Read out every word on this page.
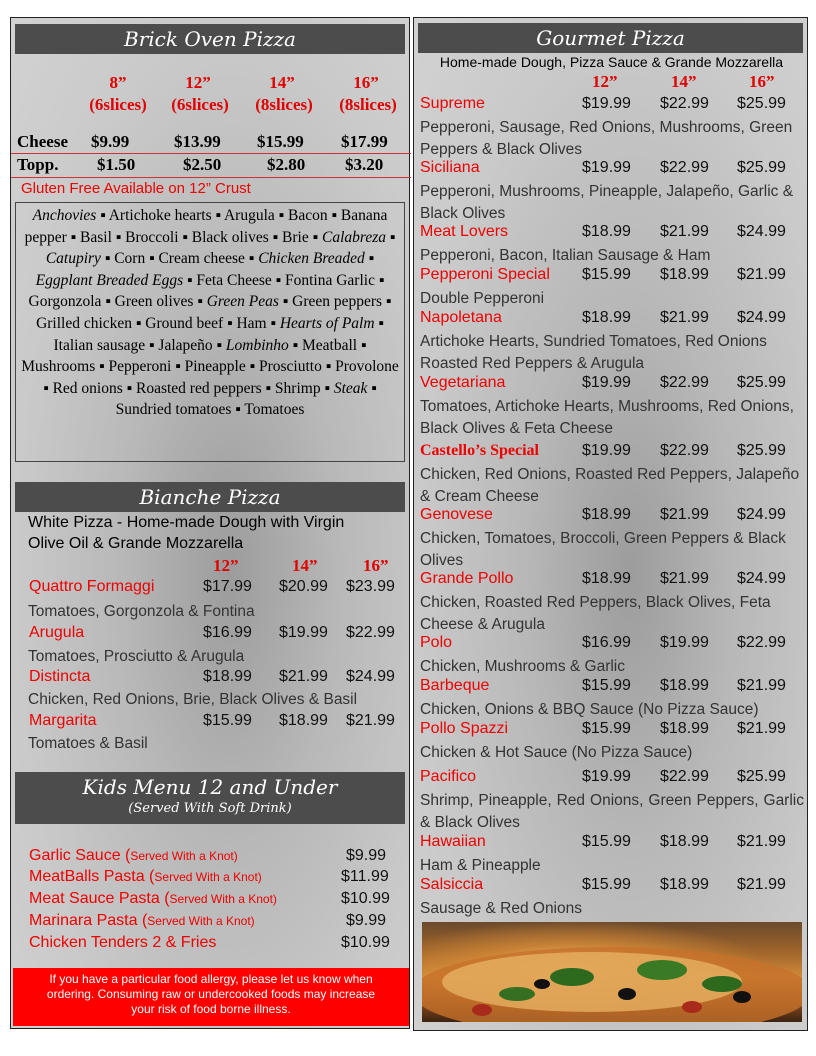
Brick Oven Pizza
8”	12”	14”	16”
(6slices)	(6slices)	(8slices)	(8slices)
Cheese $9.99	$13.99 $15.99 $17.99
Topp. $1.50	$2.50	$2.80 $3.20
Gluten Free Available on 12” Crust
Anchovies ▪ Artichoke hearts ▪ Arugula ▪ Bacon ▪ Banana pepper ▪ Basil ▪ Broccoli ▪ Black olives ▪ Brie ▪ Calabreza ▪ Catupiry ▪ Corn ▪ Cream cheese ▪ Chicken Breaded ▪ Eggplant Breaded Eggs ▪ Feta Cheese ▪ Fontina Garlic ▪ Gorgonzola ▪ Green olives ▪ Green Peas ▪ Green peppers ▪ Grilled chicken ▪ Ground beef ▪ Ham ▪ Hearts of Palm ▪ Italian sausage ▪ Jalapeño ▪ Lombinho ▪ Meatball ▪ Mushrooms ▪ Pepperoni ▪ Pineapple ▪ Prosciutto ▪ Provolone ▪ Red onions ▪ Roasted red peppers ▪ Shrimp ▪ Steak ▪ Sundried tomatoes ▪ Tomatoes
Bianche Pizza
White Pizza - Home-made Dough with Virgin
Olive Oil & Grande Mozzarella
12”	14”	16”
Quattro Formaggi	$17.99 $20.99 $23.99
Tomatoes, Gorgonzola & Fontina
Arugula	$16.99 $19.99 $22.99
Tomatoes, Prosciutto & Arugula
Distincta	$18.99 $21.99 $24.99
Chicken, Red Onions, Brie, Black Olives & Basil
Margarita	$15.99 $18.99 $21.99
Tomatoes & Basil
Kids Menu 12 and Under
(Served With Soft Drink)
Garlic Sauce (Served With a Knot)	$9.99
MeatBalls Pasta (Served With a Knot)	$11.99
Meat Sauce Pasta (Served With a Knot)	$10.99
Marinara Pasta (Served With a Knot)	$9.99
Chicken Tenders 2 & Fries	$10.99
If you have a particular food allergy, please let us know when
ordering. Consuming raw or undercooked foods may increase
your risk of food borne illness.
Gourmet Pizza
Home-made Dough, Pizza Sauce & Grande Mozzarella
12”	14”	16”
Supreme	$19.99 $22.99 $25.99
Pepperoni, Sausage, Red Onions, Mushrooms, Green Peppers & Black Olives
Siciliana	$19.99 $22.99 $25.99
Pepperoni, Mushrooms, Pineapple, Jalapeño, Garlic & Black Olives
Meat Lovers	$18.99 $21.99 $24.99
Pepperoni, Bacon, Italian Sausage & Ham
Pepperoni Special $15.99 $18.99 $21.99
Double Pepperoni
Napoletana	$18.99 $21.99 $24.99
Artichoke Hearts, Sundried Tomatoes, Red Onions Roasted Red Peppers & Arugula
Vegetariana	$19.99 $22.99 $25.99
Tomatoes, Artichoke Hearts, Mushrooms, Red Onions, Black Olives & Feta Cheese
Castello’s Special	$19.99 $22.99 $25.99
Chicken, Red Onions, Roasted Red Peppers, Jalapeño & Cream Cheese
Genovese	$18.99 $21.99 $24.99
Chicken, Tomatoes, Broccoli, Green Peppers & Black Olives
Grande Pollo	$18.99 $21.99 $24.99
Chicken, Roasted Red Peppers, Black Olives, Feta Cheese & Arugula
Polo	$16.99 $19.99 $22.99
Chicken, Mushrooms & Garlic
Barbeque	$15.99 $18.99 $21.99
Chicken, Onions & BBQ Sauce (No Pizza Sauce)
Pollo Spazzi	$15.99 $18.99 $21.99
Chicken & Hot Sauce (No Pizza Sauce)
Pacifico	$19.99 $22.99 $25.99
Shrimp, Pineapple, Red Onions, Green Peppers, Garlic & Black Olives
Hawaiian	$15.99 $18.99 $21.99
Ham & Pineapple
Salsiccia	$15.99 $18.99 $21.99
Sausage & Red Onions
